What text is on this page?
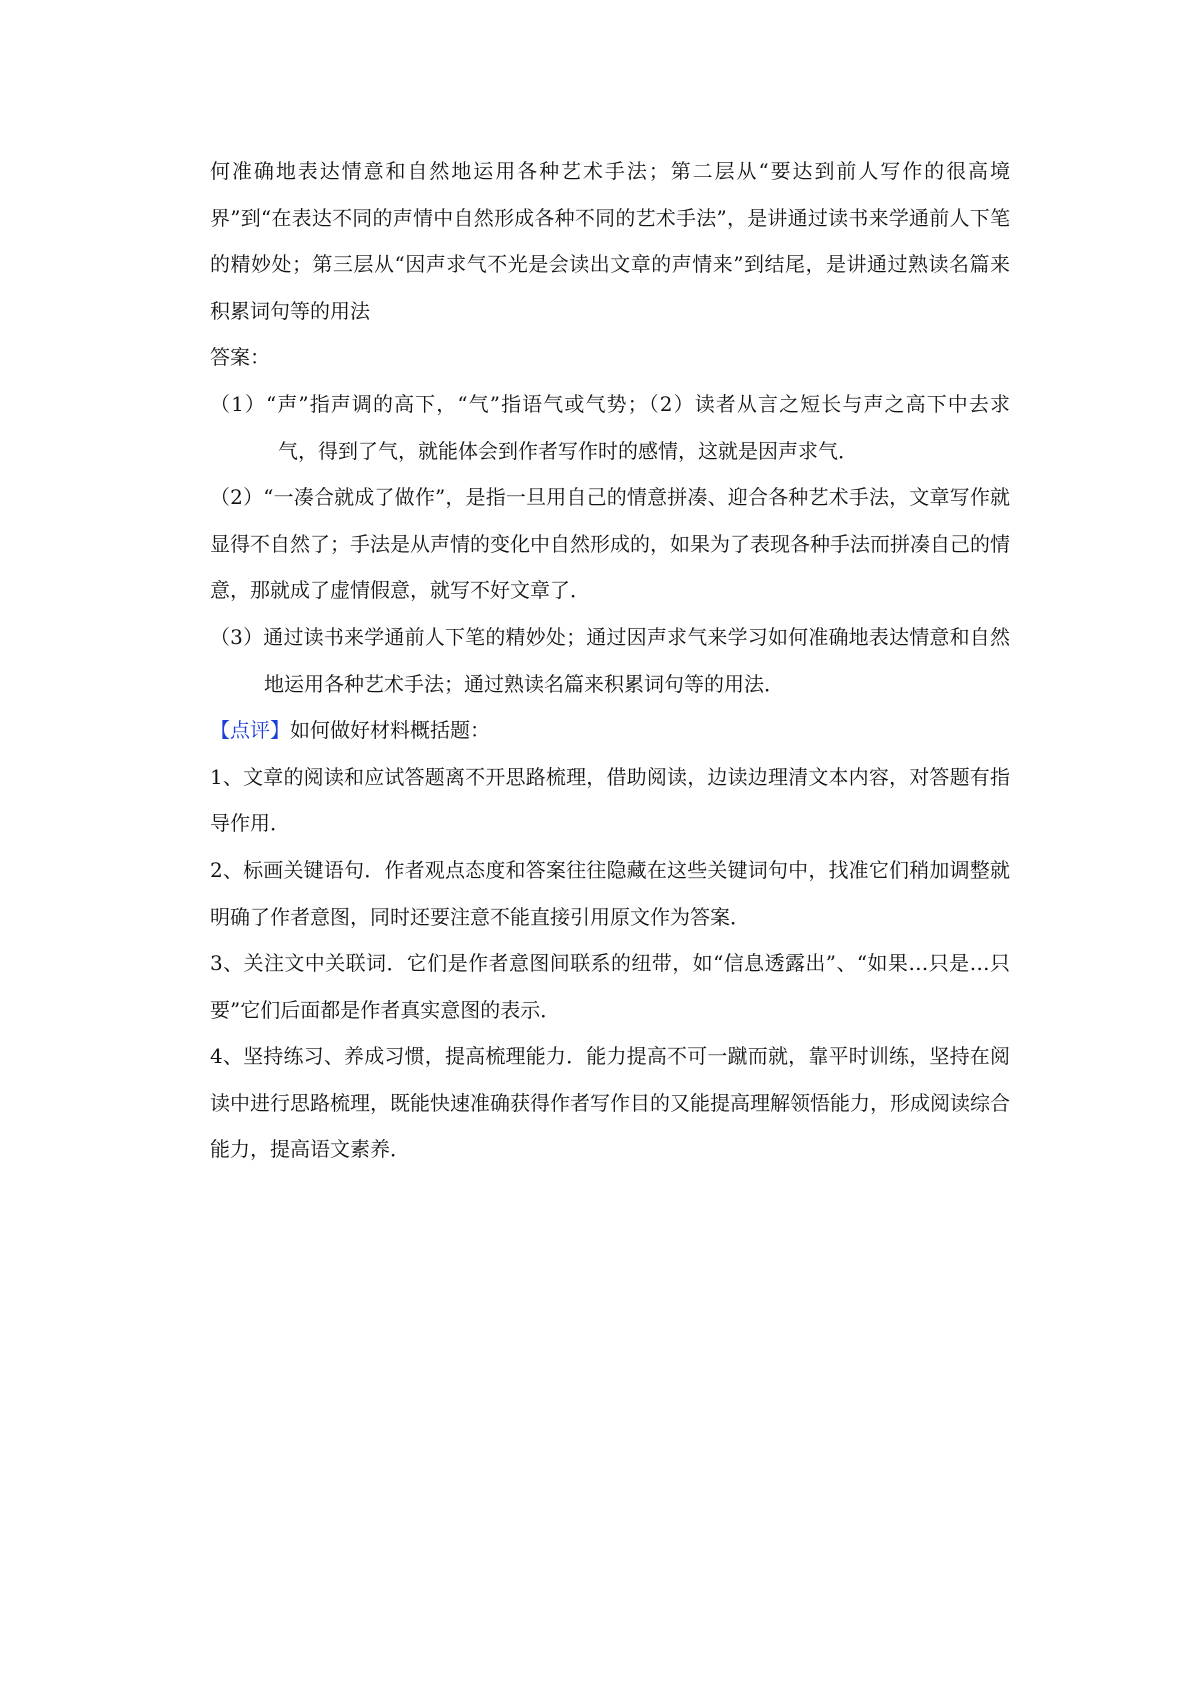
何准确地表达情意和自然地运用各种艺术手法；第二层从“要达到前人写作的很高境界”到“在表达不同的声情中自然形成各种不同的艺术手法”，是讲通过读书来学通前人下笔的精妙处；第三层从“因声求气不光是会读出文章的声情来”到结尾，是讲通过熟读名篇来积累词句等的用法

答案：

（1）“声”指声调的高下，“气”指语气或气势；（2）读者从言之短长与声之高下中去求气，得到了气，就能体会到作者写作时的感情，这就是因声求气．

（2）“一凑合就成了做作”，是指一旦用自己的情意拼凑、迎合各种艺术手法，文章写作就显得不自然了；手法是从声情的变化中自然形成的，如果为了表现各种手法而拼凑自己的情意，那就成了虚情假意，就写不好文章了．

（3）通过读书来学通前人下笔的精妙处；通过因声求气来学习如何准确地表达情意和自然地运用各种艺术手法；通过熟读名篇来积累词句等的用法．

【点评】如何做好材料概括题：

1、文章的阅读和应试答题离不开思路梳理，借助阅读，边读边理清文本内容，对答题有指导作用．

2、标画关键语句．作者观点态度和答案往往隐藏在这些关键词句中，找准它们稍加调整就明确了作者意图，同时还要注意不能直接引用原文作为答案．

3、关注文中关联词．它们是作者意图间联系的纽带，如“信息透露出”、“如果…只是…只要”它们后面都是作者真实意图的表示．

4、坚持练习、养成习惯，提高梳理能力．能力提高不可一蹴而就，靠平时训练，坚持在阅读中进行思路梳理，既能快速准确获得作者写作目的又能提高理解领悟能力，形成阅读综合能力，提高语文素养．
